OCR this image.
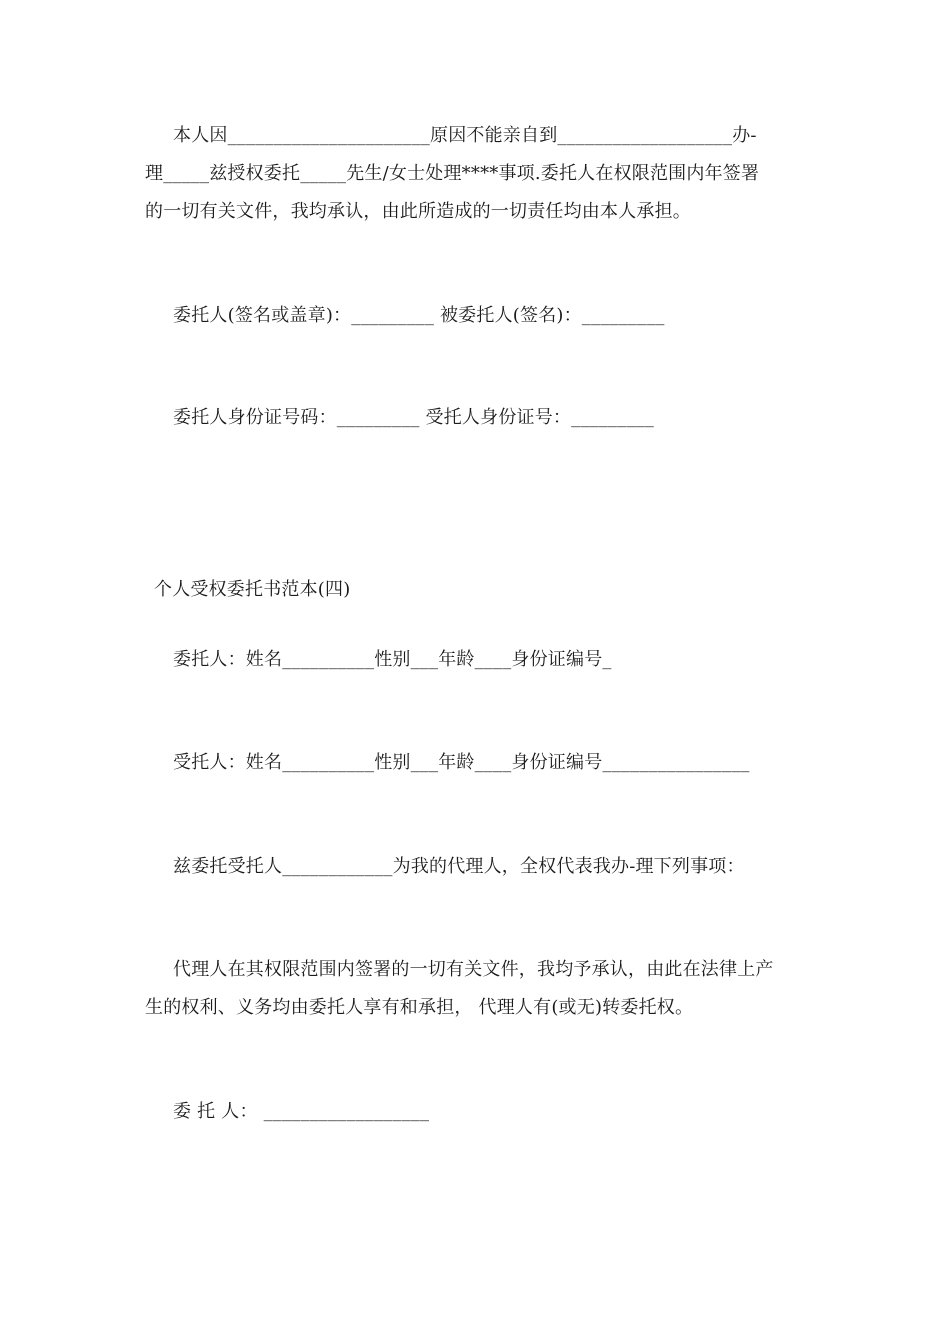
本人因______________________原因不能亲自到___________________办-
理_____兹授权委托_____先生/女士处理****事项.委托人在权限范围内年签署
的一切有关文件，我均承认，由此所造成的一切责任均由本人承担。
委托人(签名或盖章)：_________ 被委托人(签名)：_________
委托人身份证号码：_________ 受托人身份证号：_________
个人受权委托书范本(四)
委托人：姓名__________性别___年龄____身份证编号_
受托人：姓名__________性别___年龄____身份证编号________________
兹委托受托人____________为我的代理人，全权代表我办-理下列事项：
代理人在其权限范围内签署的一切有关文件，我均予承认，由此在法律上产
生的权利、义务均由委托人享有和承担， 代理人有(或无)转委托权。
委 托 人： __________________
